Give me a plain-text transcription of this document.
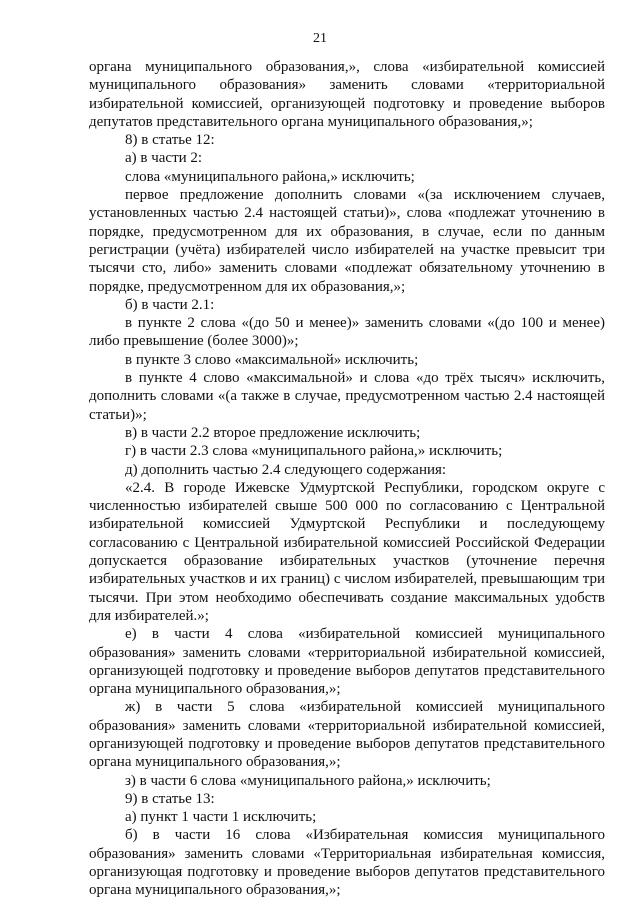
21

органа муниципального образования,», слова «избирательной комиссией муниципального образования» заменить словами «территориальной избирательной комиссией, организующей подготовку и проведение выборов депутатов представительного органа муниципального образования,»;

8) в статье 12:

а) в части 2:

слова «муниципального района,» исключить;

первое предложение дополнить словами «(за исключением случаев, установленных частью 2.4 настоящей статьи)», слова «подлежат уточнению в порядке, предусмотренном для их образования, в случае, если по данным регистрации (учёта) избирателей число избирателей на участке превысит три тысячи сто, либо» заменить словами «подлежат обязательному уточнению в порядке, предусмотренном для их образования,»;

б) в части 2.1:

в пункте 2 слова «(до 50 и менее)» заменить словами «(до 100 и менее) либо превышение (более 3000)»;

в пункте 3 слово «максимальной» исключить;

в пункте 4 слово «максимальной» и слова «до трёх тысяч» исключить, дополнить словами «(а также в случае, предусмотренном частью 2.4 настоящей статьи)»;

в) в части 2.2 второе предложение исключить;

г) в части 2.3 слова «муниципального района,» исключить;

д) дополнить частью 2.4 следующего содержания:

«2.4. В городе Ижевске Удмуртской Республики, городском округе с численностью избирателей свыше 500 000 по согласованию с Центральной избирательной комиссией Удмуртской Республики и последующему согласованию с Центральной избирательной комиссией Российской Федерации допускается образование избирательных участков (уточнение перечня избирательных участков и их границ) с числом избирателей, превышающим три тысячи. При этом необходимо обеспечивать создание максимальных удобств для избирателей.»;

е) в части 4 слова «избирательной комиссией муниципального образования» заменить словами «территориальной избирательной комиссией, организующей подготовку и проведение выборов депутатов представительного органа муниципального образования,»;

ж) в части 5 слова «избирательной комиссией муниципального образования» заменить словами «территориальной избирательной комиссией, организующей подготовку и проведение выборов депутатов представительного органа муниципального образования,»;

з) в части 6 слова «муниципального района,» исключить;

9) в статье 13:

а) пункт 1 части 1 исключить;

б) в части 16 слова «Избирательная комиссия муниципального образования» заменить словами «Территориальная избирательная комиссия, организующая подготовку и проведение выборов депутатов представительного органа муниципального образования,»;
